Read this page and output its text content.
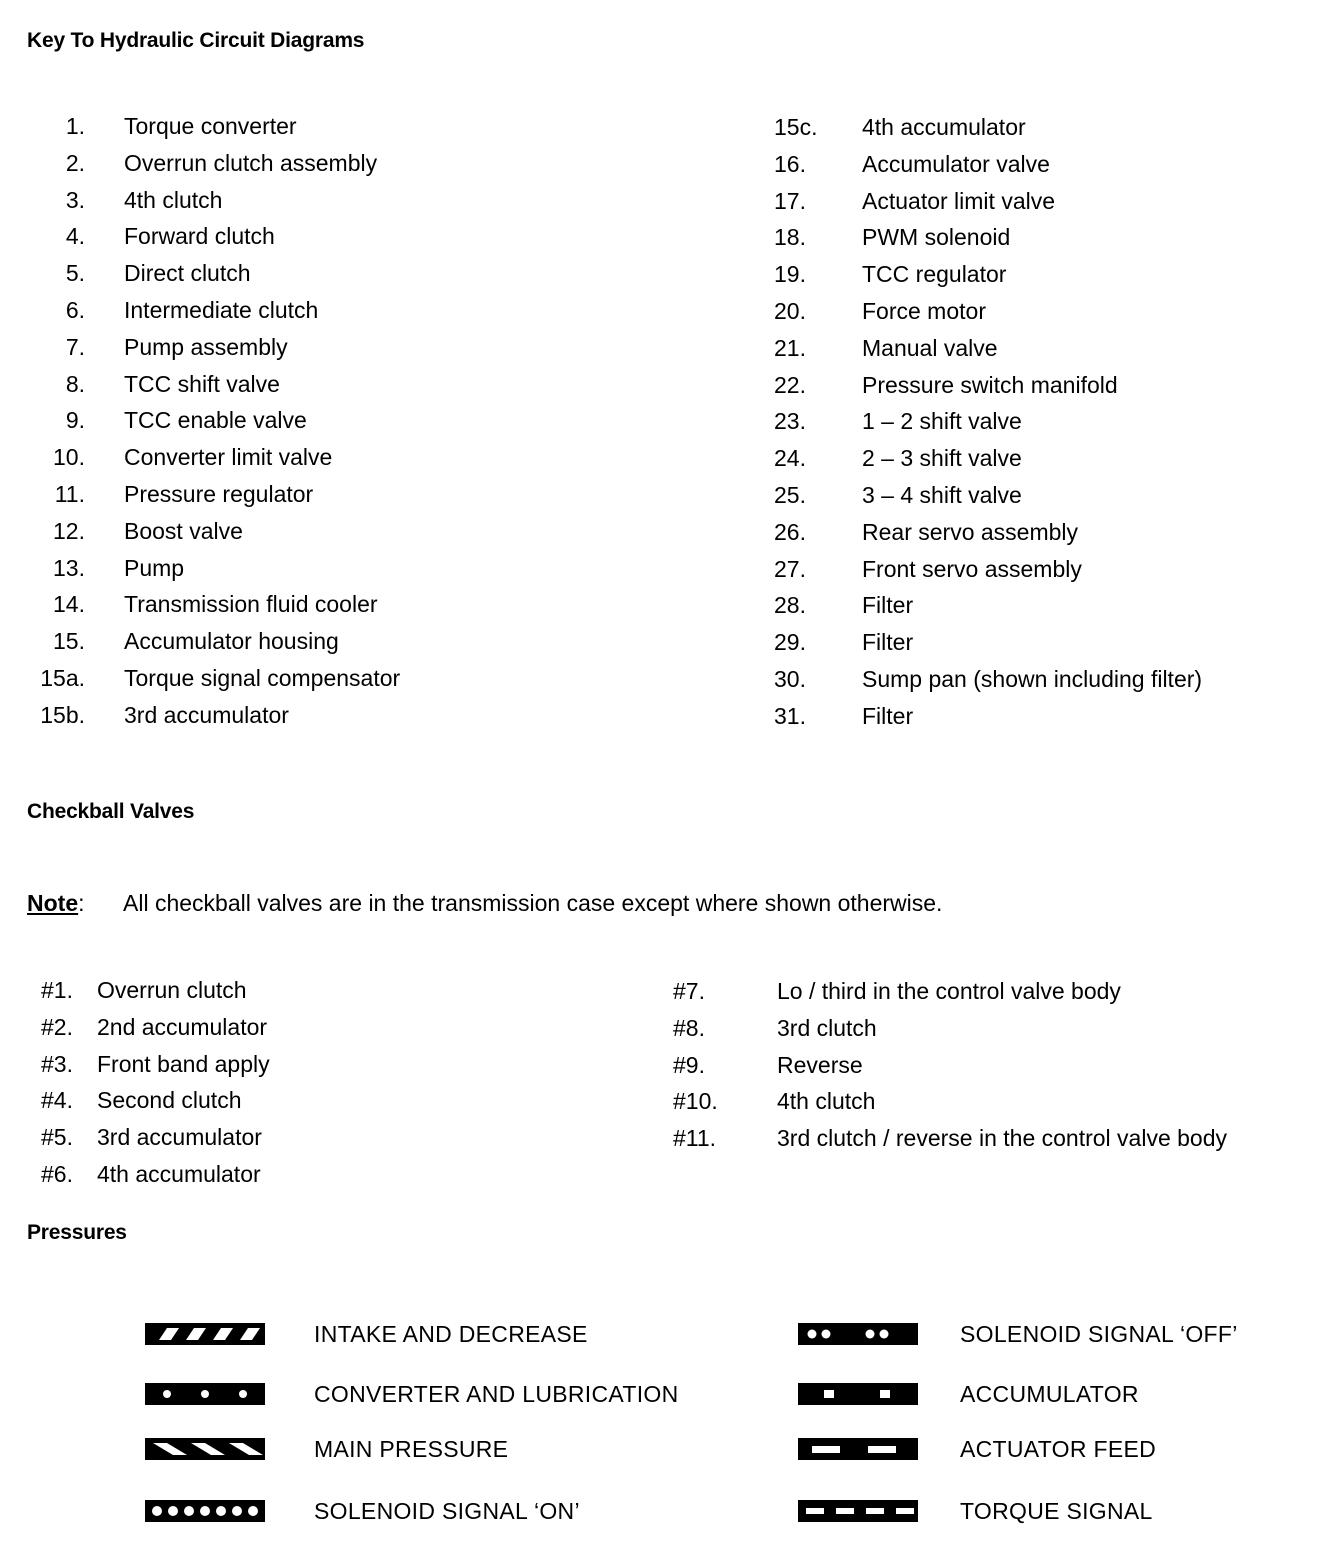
Key To Hydraulic Circuit Diagrams
Checkball Valves
Note: All checkball valves are in the transmission case except where shown otherwise.
Pressures
1. Torque converter
2. Overrun clutch assembly
3. 4th clutch
4. Forward clutch
5. Direct clutch
6. Intermediate clutch
7. Pump assembly
8. TCC shift valve
9. TCC enable valve
10. Converter limit valve
11. Pressure regulator
12. Boost valve
13. Pump
14. Transmission fluid cooler
15. Accumulator housing
15a. Torque signal compensator
15b. 3rd accumulator
15c. 4th accumulator
16. Accumulator valve
17. Actuator limit valve
18. PWM solenoid
19. TCC regulator
20. Force motor
21. Manual valve
22. Pressure switch manifold
23. 1 – 2 shift valve
24. 2 – 3 shift valve
25. 3 – 4 shift valve
26. Rear servo assembly
27. Front servo assembly
28. Filter
29. Filter
30. Sump pan (shown including filter)
31. Filter
#1. Overrun clutch
#2. 2nd accumulator
#3. Front band apply
#4. Second clutch
#5. 3rd accumulator
#6. 4th accumulator
#7.	Lo / third in the control valve body
#8.	3rd clutch
#9.	Reverse
#10.	4th clutch
#11.	3rd clutch / reverse in the control valve body
INTAKE AND DECREASE
CONVERTER AND LUBRICATION
MAIN PRESSURE
SOLENOID SIGNAL ‘ON’
SOLENOID SIGNAL ‘OFF’
ACCUMULATOR
ACTUATOR FEED
TORQUE SIGNAL
